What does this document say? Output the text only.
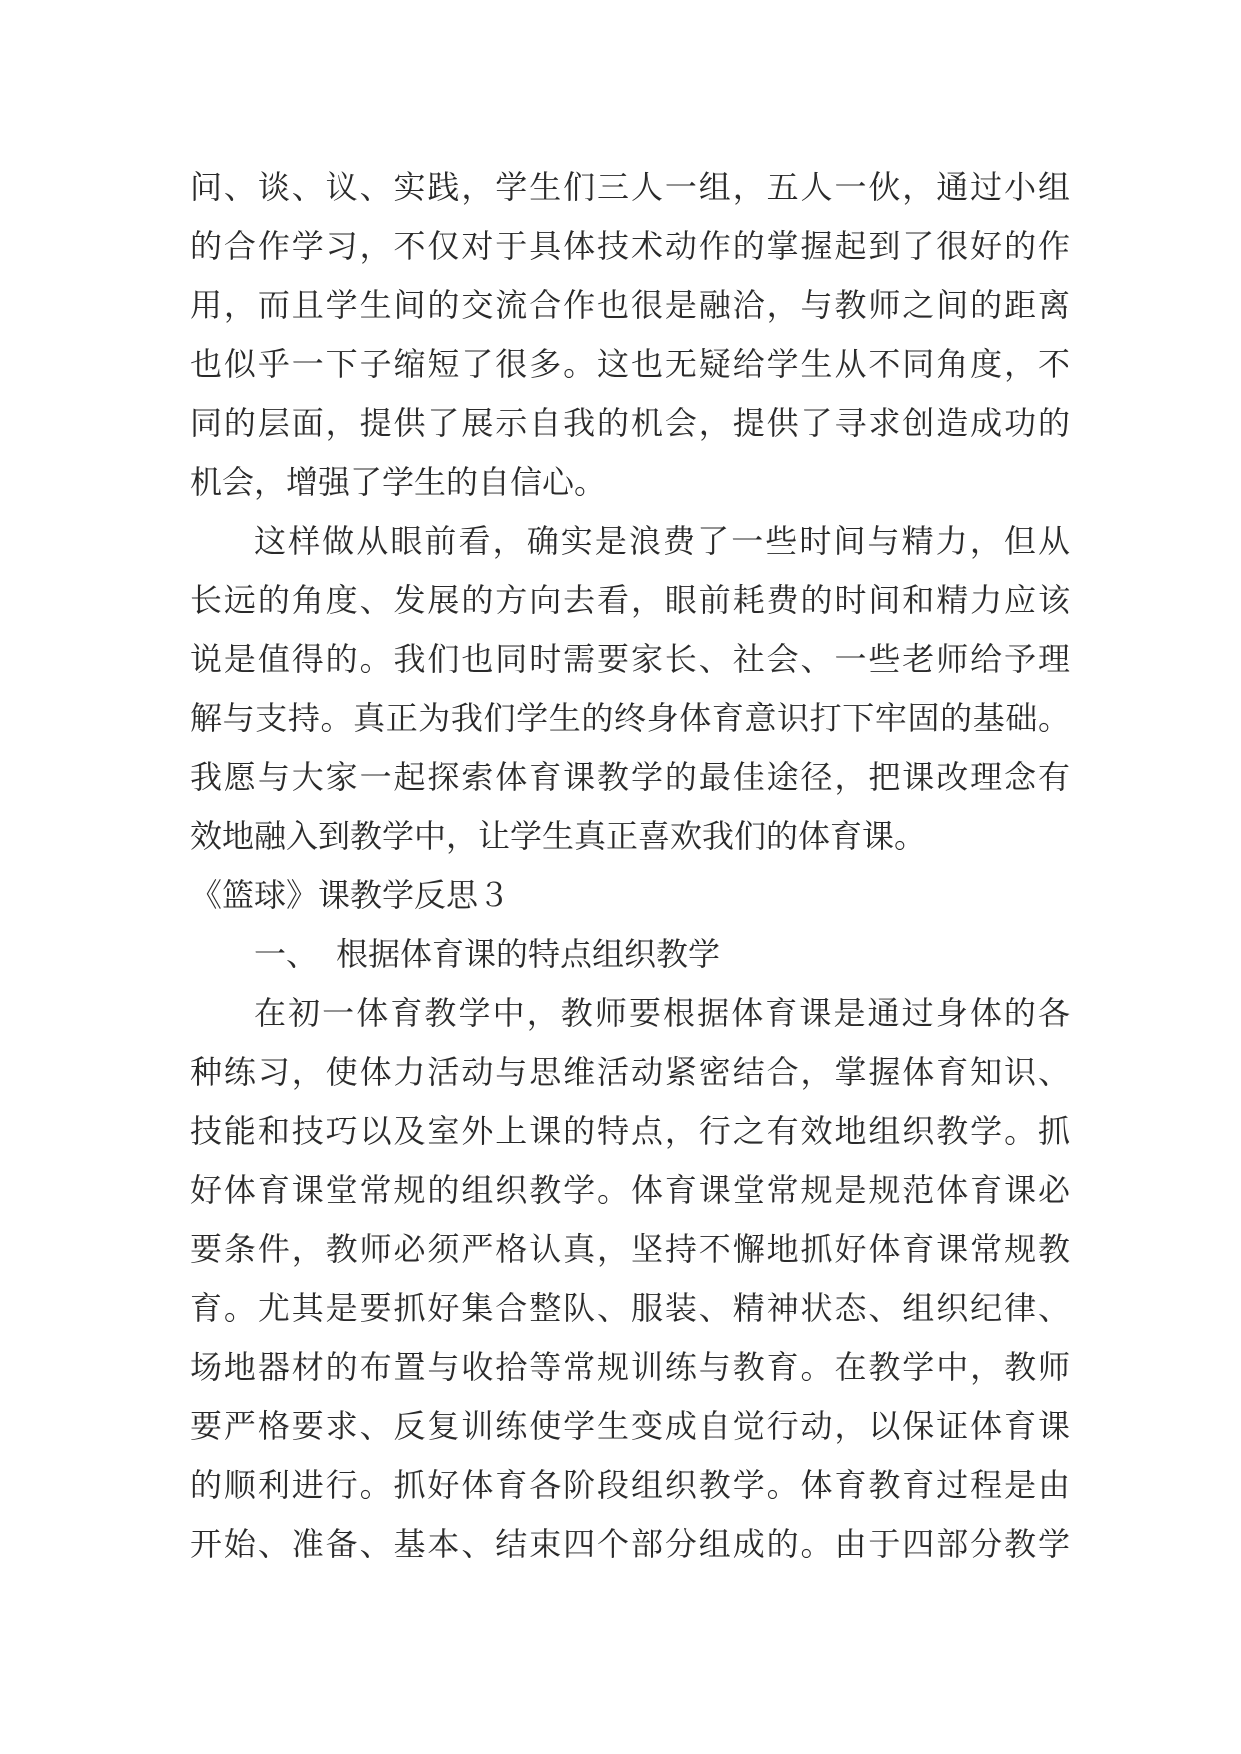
问、谈、议、实践，学生们三人一组，五人一伙，通过小组
的合作学习，不仅对于具体技术动作的掌握起到了很好的作
用，而且学生间的交流合作也很是融洽，与教师之间的距离
也似乎一下子缩短了很多。这也无疑给学生从不同角度，不
同的层面，提供了展示自我的机会，提供了寻求创造成功的
机会，增强了学生的自信心。
这样做从眼前看，确实是浪费了一些时间与精力，但从
长远的角度、发展的方向去看，眼前耗费的时间和精力应该
说是值得的。我们也同时需要家长、社会、一些老师给予理
解与支持。真正为我们学生的终身体育意识打下牢固的基础。
我愿与大家一起探索体育课教学的最佳途径，把课改理念有
效地融入到教学中，让学生真正喜欢我们的体育课。
《篮球》课教学反思３
一、 根据体育课的特点组织教学
在初一体育教学中，教师要根据体育课是通过身体的各
种练习，使体力活动与思维活动紧密结合，掌握体育知识、
技能和技巧以及室外上课的特点，行之有效地组织教学。抓
好体育课堂常规的组织教学。体育课堂常规是规范体育课必
要条件，教师必须严格认真，坚持不懈地抓好体育课常规教
育。尤其是要抓好集合整队、服装、精神状态、组织纪律、
场地器材的布置与收拾等常规训练与教育。在教学中，教师
要严格要求、反复训练使学生变成自觉行动，以保证体育课
的顺利进行。抓好体育各阶段组织教学。体育教育过程是由
开始、准备、基本、结束四个部分组成的。由于四部分教学
